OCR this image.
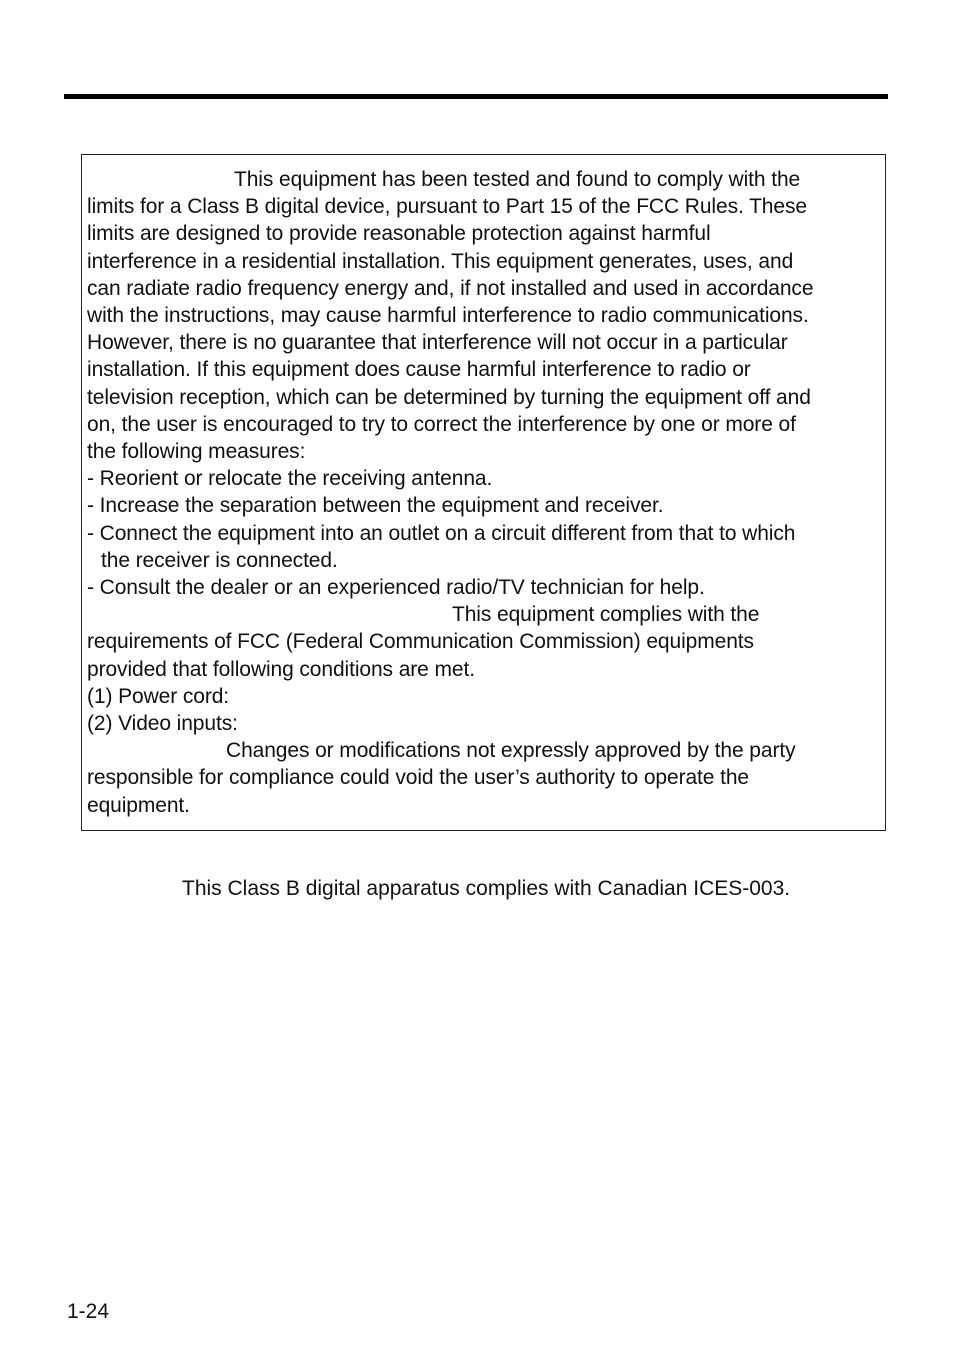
This equipment has been tested and found to comply with the
limits for a Class B digital device, pursuant to Part 15 of the FCC Rules. These
limits are designed to provide reasonable protection against harmful
interference in a residential installation. This equipment generates, uses, and
can radiate radio frequency energy and, if not installed and used in accordance
with the instructions, may cause harmful interference to radio communications.
However, there is no guarantee that interference will not occur in a particular
installation. If this equipment does cause harmful interference to radio or
television reception, which can be determined by turning the equipment off and
on, the user is encouraged to try to correct the interference by one or more of
the following measures:
- Reorient or relocate the receiving antenna.
- Increase the separation between the equipment and receiver.
- Connect the equipment into an outlet on a circuit different from that to which
the receiver is connected.
- Consult the dealer or an experienced radio/TV technician for help.
This equipment complies with the
requirements of FCC (Federal Communication Commission) equipments
provided that following conditions are met.
(1) Power cord:
(2) Video inputs:
Changes or modifications not expressly approved by the party
responsible for compliance could void the user’s authority to operate the
equipment.
This Class B digital apparatus complies with Canadian ICES-003.
1-24
